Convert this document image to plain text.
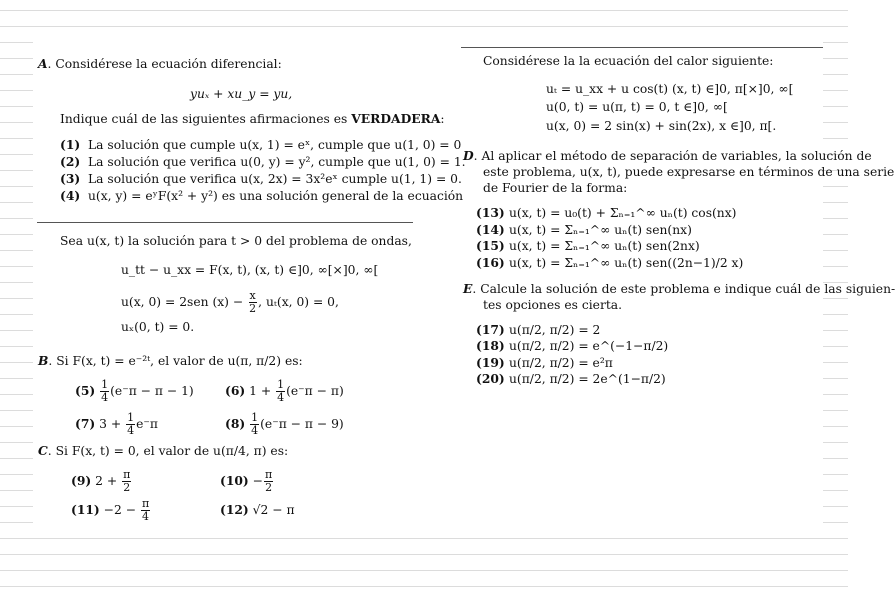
A. Considérese la ecuación diferencial:
yuₓ + xu_y = yu,
Indique cuál de las siguientes afirmaciones es VERDADERA:
(1) La solución que cumple u(x, 1) = eˣ, cumple que u(1, 0) = 0
(2) La solución que verifica u(0, y) = y², cumple que u(1, 0) = 1.
(3) La solución que verifica u(x, 2x) = 3x²eˣ cumple u(1, 1) = 0.
(4) u(x, y) = eʸF(x² + y²) es una solución general de la ecuación
Sea u(x, t) la solución para t > 0 del problema de ondas,
u_tt − u_xx = F(x, t), (x, t) ∈]0, ∞[×]0, ∞[
u(x, 0) = 2sen $(x) - \frac{x}{2}$ , uₜ(x, 0) = 0,
uₓ(0, t) = 0.
B. Si F(x, t) = e⁻²ᵗ, el valor de u(π, π/2) es:
$(5) \frac{1}{4} (e^-\pi - \pi - 1)$	(6) $1 + \frac{1}{4} (e^-\pi - \pi)$
(7) $3 + \frac{1}{4} e^-\pi$	$(8) \frac{1}{4} (e^-\pi - \pi - 9)$
C. Si F(x, t) = 0, el valor de u(π/4, π) es:
(9) $2 + \frac{\pi}{2}$	$(10) - \frac{\pi}{2}$
$(11) -2 - \frac{\pi}{4}$	(12) √2 − π
Considérese la la ecuación del calor siguiente:
uₜ = u_xx + u cos(t) (x, t) ∈]0, π[×]0, ∞[
u(0, t) = u(π, t) = 0, t ∈]0, ∞[
u(x, 0) = 2 sin(x) + sin(2x), x ∈]0, π[.
D. Al aplicar el método de separación de variables, la solución de
este problema, u(x, t), puede expresarse en términos de una serie
de Fourier de la forma:
(13) u(x, t) = u₀(t) + Σₙ₌₁^∞ uₙ(t) cos(nx)
(14) u(x, t) = Σₙ₌₁^∞ uₙ(t) sen(nx)
(15) u(x, t) = Σₙ₌₁^∞ uₙ(t) sen(2nx)
(16) u(x, t) = Σₙ₌₁^∞ uₙ(t) sen((2n−1)/2 x)
E. Calcule la solución de este problema e indique cuál de las siguien-
tes opciones es cierta.
(17) u(π/2, π/2) = 2
(18) u(π/2, π/2) = e^(−1−π/2)
(19) u(π/2, π/2) = e²π
(20) u(π/2, π/2) = 2e^(1−π/2)
